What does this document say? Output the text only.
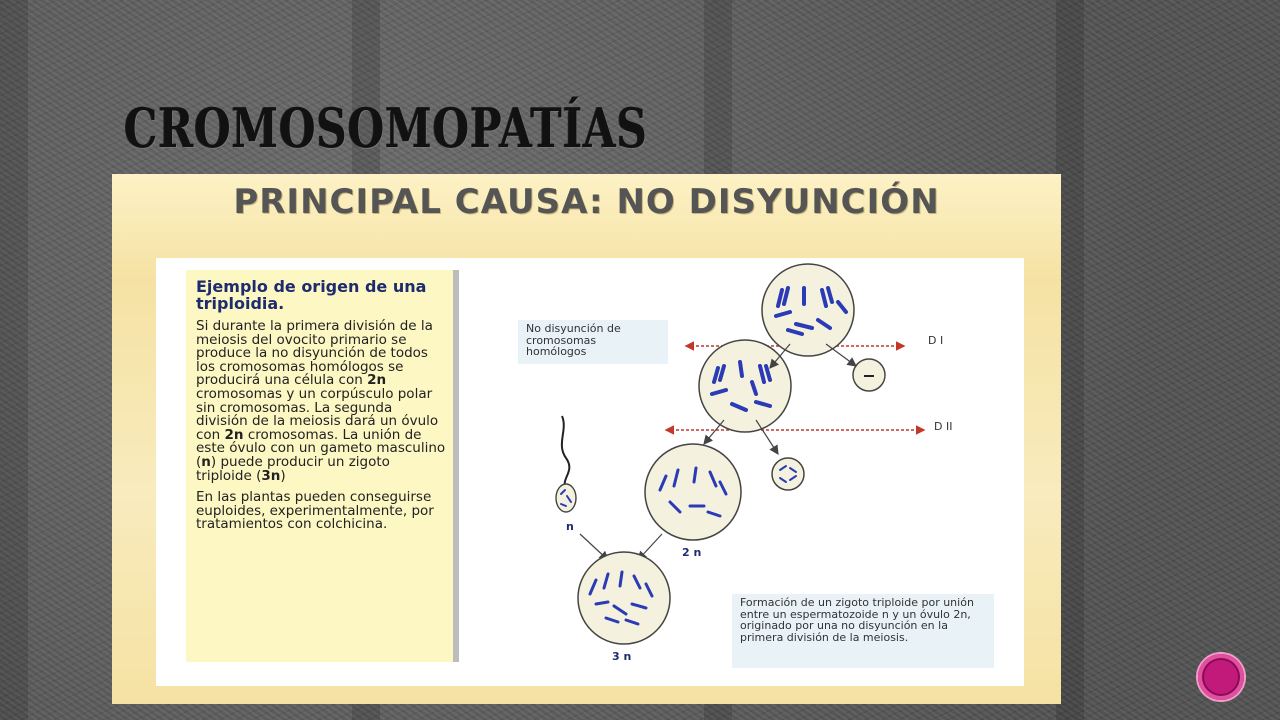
CROMOSOMOPATÍAS
PRINCIPAL CAUSA: NO DISYUNCIÓN
Ejemplo de origen de una triploidia.

Si durante la primera división de la meiosis del ovocito primario se produce la no disyunción de todos los cromosomas homólogos se producirá una célula con 2n cromosomas y un corpúsculo polar sin cromosomas. La segunda división de la meiosis dará un óvulo con 2n cromosomas. La unión de este óvulo con un gameto masculino (n) puede producir un zigoto triploide (3n)

En las plantas pueden conseguirse euploides, experimentalmente, por tratamientos con colchicina.

No disyunción de cromosomas homólogos
Formación de un zigoto triploide por unión entre un espermatozoide n y un óvulo 2n, originado por una no disyunción en la primera división de la meiosis.
D I
D II
2 n
n
3 n
